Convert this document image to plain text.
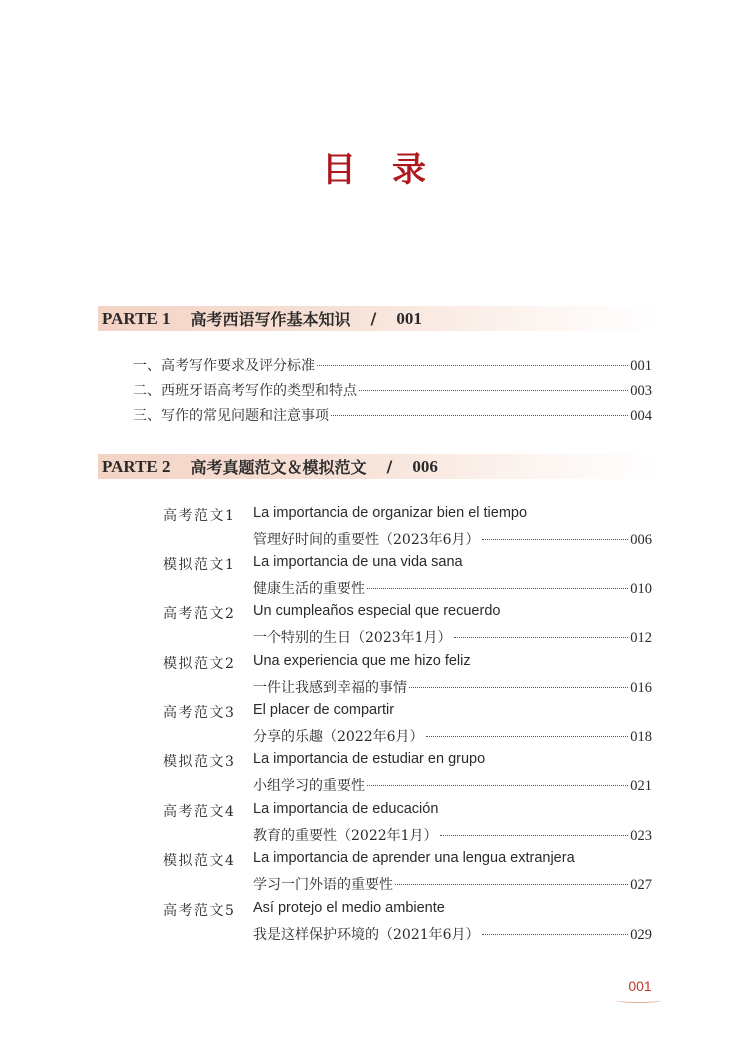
目 录
PARTE 1 高考西语写作基本知识 / 001
一、高考写作要求及评分标准	001
二、西班牙语高考写作的类型和特点	003
三、写作的常见问题和注意事项	004
PARTE 2 高考真题范文＆模拟范文 / 006
高考范文1	La importancia de organizar bien el tiempo
管理好时间的重要性（2023年6月）	006
模拟范文1	La importancia de una vida sana
健康生活的重要性	010
高考范文2	Un cumpleaños especial que recuerdo
一个特别的生日（2023年1月）	012
模拟范文2	Una experiencia que me hizo feliz
一件让我感到幸福的事情	016
高考范文3	El placer de compartir
分享的乐趣（2022年6月）	018
模拟范文3	La importancia de estudiar en grupo
小组学习的重要性	021
高考范文4	La importancia de educación
教育的重要性（2022年1月）	023
模拟范文4	La importancia de aprender una lengua extranjera
学习一门外语的重要性	027
高考范文5	Así protejo el medio ambiente
我是这样保护环境的（2021年6月）	029
001
